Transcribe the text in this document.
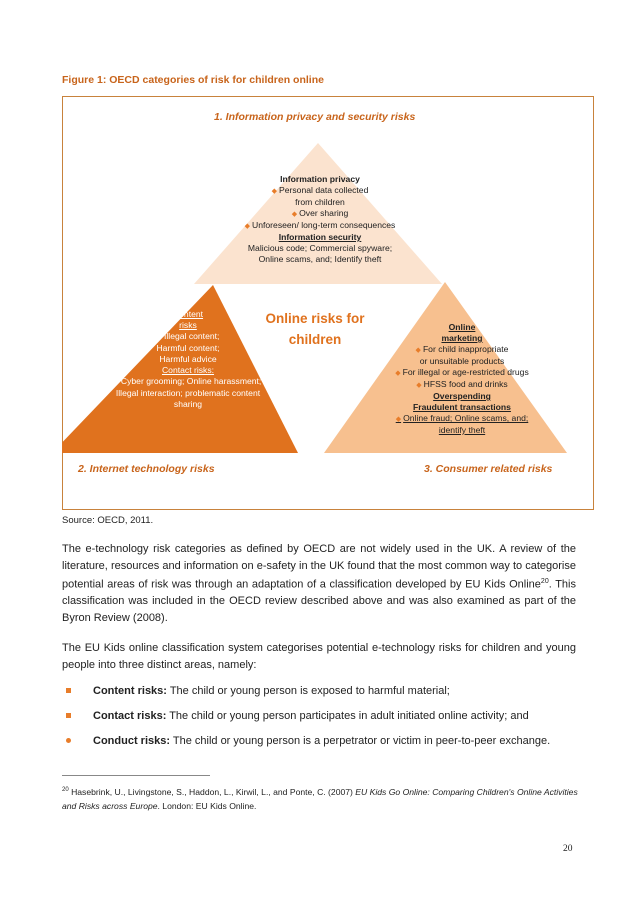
Figure 1: OECD categories of risk for children online
1. Information privacy and security risks
2. Internet technology risks	3. Consumer related risks
Information privacy
◆ Personal data collected
from children
◆ Over sharing
◆ Unforeseen/ long-term consequences
Information security
Malicious code; Commercial spyware;
Online scams, and; Identify theft
Content
risks
◆ Illegal content;
Harmful content;
Harmful advice
Contact risks:
■ Cyber grooming; Online harassment;
Illegal interaction; problematic content
sharing
Online risks for
children
Online
marketing
◆ For child inappropriate
or unsuitable products
◆ For illegal or age-restricted drugs
◆ HFSS food and drinks
Overspending
Fraudulent transactions
◆ Online fraud; Online scams, and;
identify theft
Source: OECD, 2011.
The e-technology risk categories as defined by OECD are not widely used in the UK. A review of the literature, resources and information on e-safety in the UK found that the most common way to categorise potential areas of risk was through an adaptation of a classification developed by EU Kids Online$^{20}$. This classification was included in the OECD review described above and was also examined as part of the Byron Review (2008).
The EU Kids online classification system categorises potential e-technology risks for children and young people into three distinct areas, namely:
Content risks: The child or young person is exposed to harmful material;
Contact risks: The child or young person participates in adult initiated online activity; and
Conduct risks: The child or young person is a perpetrator or victim in peer-to-peer exchange.
$^{20}$ Hasebrink, U., Livingstone, S., Haddon, L., Kirwil, L., and Ponte, C. (2007) EU Kids Go Online: Comparing Children's Online Activities and Risks across Europe. London: EU Kids Online.
20
